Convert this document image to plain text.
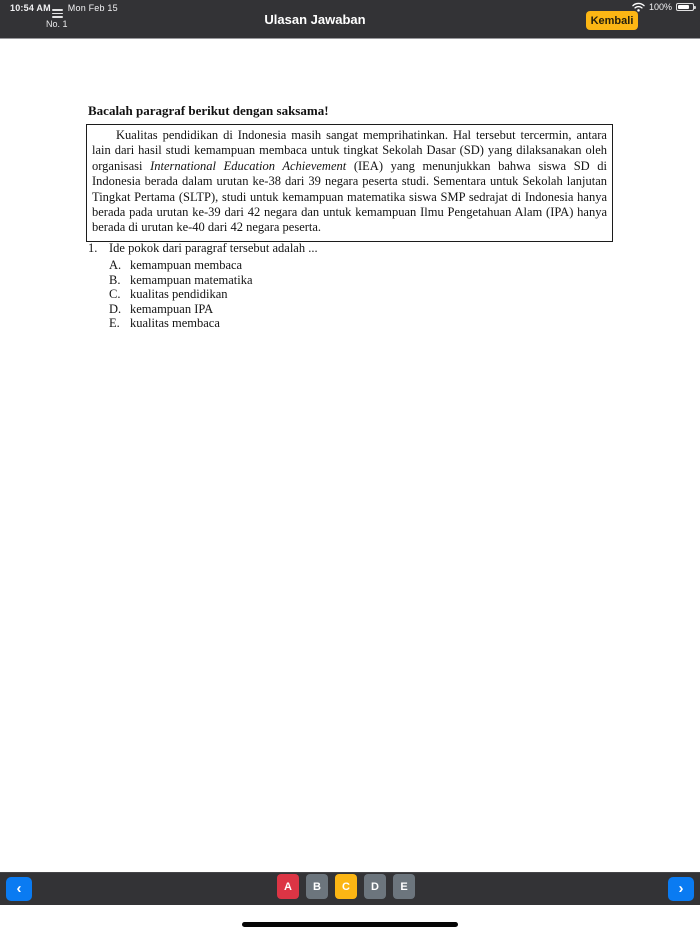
10:54 AM Mon Feb 15	100%
No. 1	Ulasan Jawaban	Kembali
Bacalah paragraf berikut dengan saksama!

Kualitas pendidikan di Indonesia masih sangat memprihatinkan. Hal tersebut tercermin, antara lain dari hasil studi kemampuan membaca untuk tingkat Sekolah Dasar (SD) yang dilaksanakan oleh organisasi International Education Achievement (IEA) yang menunjukkan bahwa siswa SD di Indonesia berada dalam urutan ke-38 dari 39 negara peserta studi. Sementara untuk Sekolah lanjutan Tingkat Pertama (SLTP), studi untuk kemampuan matematika siswa SMP sedrajat di Indonesia hanya berada pada urutan ke-39 dari 42 negara dan untuk kemampuan Ilmu Pengetahuan Alam (IPA) hanya berada di urutan ke-40 dari 42 negara peserta.

1. Ide pokok dari paragraf tersebut adalah ...
A. kemampuan membaca
B. kemampuan matematika
C. kualitas pendidikan
D. kemampuan IPA
E. kualitas membaca
‹	A	B	C	D	E	›
